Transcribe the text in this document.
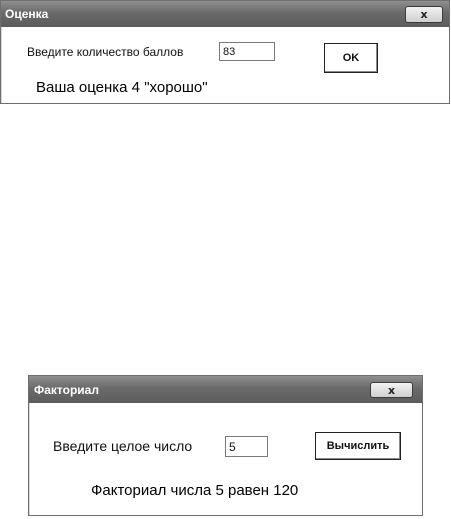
Оценка	x
Введите количество баллов
83	OK
Ваша оценка 4 "хорошо"
Факториал	x
Введите целое число
5	Вычислить
Факториал числа 5 равен 120
